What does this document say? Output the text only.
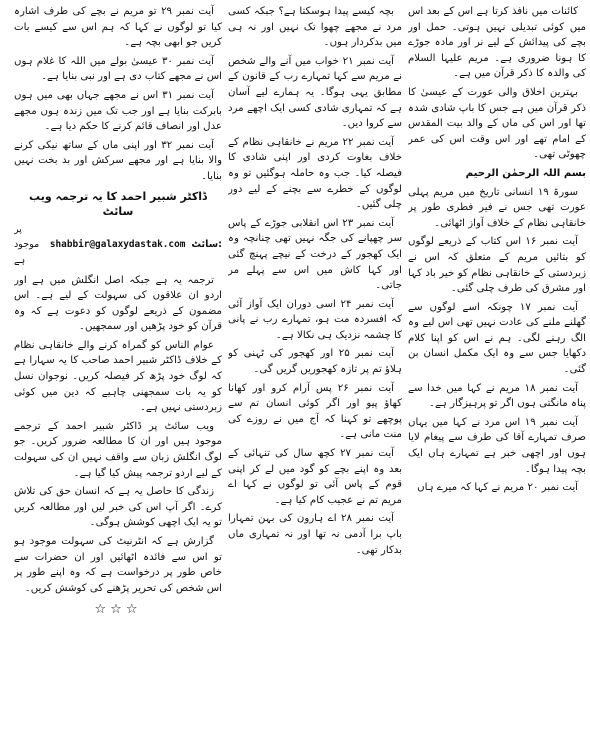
کائنات میں نافذ کرتا ہے اس کے بعد اس میں کوئی تبدیلی نہیں ہوتی۔ حمل اور بچے کی پیدائش کے لیے نر اور مادہ جوڑے کا ہونا ضروری ہے۔ مریم علیہا السلام کی والدہ کا ذکر قرآن میں ہے۔

بہترین اخلاق والی عورت کے عیسیٰ کا ذکر قرآن میں ہے جس کا باپ شادی شدہ تھا اور اس کی ماں کے والد بیت المقدس کے امام تھے اور اس وقت اس کی عمر چھوٹی تھی۔

بسم اللہ الرحمٰن الرحیم

سورۃ ۱۹ انسانی تاریخ میں مریم پہلی عورت تھی جس نے فیر فطری طور پر خانقاہی نظام کے خلاف آواز اٹھائی۔

آیت نمبر ۱۶ اس کتاب کے ذریعے لوگوں کو بتائیں مریم کے متعلق کہ اس نے زبردستی کے خانقاہی نظام کو خیر باد کہا اور مشرق کی طرف چلی گئی۔

آیت نمبر ۱۷ چونکہ اسے لوگوں سے گھلنے ملنے کی عادت نہیں تھی اس لیے وہ الگ رہنے لگی۔ ہم نے اس کو اپنا کلام دکھایا جس سے وہ ایک مکمل انسان بن گئی۔

آیت نمبر ۱۸ مریم نے کہا میں خدا سے پناہ مانگتی ہوں اگر تو پرہیزگار ہے۔

آیت نمبر ۱۹ اس مرد نے کہا میں یہاں صرف تمہارے آقا کی طرف سے پیغام لایا ہوں اور اچھی خبر ہے تمہارے ہاں ایک بچہ پیدا ہوگا۔

آیت نمبر ۲۰ مریم نے کہا کہ میرے ہاں

بچہ کیسے پیدا ہوسکتا ہے؟ جبکہ کسی مرد نے مجھے چھوا تک نہیں اور نہ ہی میں بدکردار ہوں۔

آیت نمبر ۲۱ خواب میں آنے والے شخص نے مریم سے کہا تمہارے رب کے قانون کے مطابق یہی ہوگا۔ یہ ہمارے لیے آسان ہے کہ تمہاری شادی کسی ایک اچھے مرد سے کروا دیں۔

آیت نمبر ۲۲ مریم نے خانقاہی نظام کے خلاف بغاوت کردی اور اپنی شادی کا فیصلہ کیا۔ جب وہ حاملہ ہوگئیں تو وہ لوگوں کے خطرے سے بچنے کے لیے دور چلی گئیں۔

آیت نمبر ۲۳ اس انقلابی جوڑے کے پاس سر چھپانے کی جگہ نہیں تھی چنانچہ وہ ایک کھجور کے درخت کے نیچے پہنچ گئی اور کہا کاش میں اس سے پہلے مر جاتی۔

آیت نمبر ۲۴ اسی دوران ایک آواز آئی کہ افسردہ مت ہو، تمہارے رب نے پانی کا چشمہ نزدیک ہی نکالا ہے۔

آیت نمبر ۲۵ اور کھجور کی ٹہنی کو ہلاؤ تم پر تازہ کھجوریں گریں گی۔

آیت نمبر ۲۶ پس آرام کرو اور کھانا کھاؤ پیو اور اگر کوئی انسان تم سے پوچھے تو کہنا کہ آج میں نے روزے کی منت مانی ہے۔

آیت نمبر ۲۷ کچھ سال کی تنہائی کے بعد وہ اپنے بچے کو گود میں لے کر اپنی قوم کے پاس آئی تو لوگوں نے کہا اے مریم تم نے عجیب کام کیا ہے۔

آیت نمبر ۲۸ اے ہارون کی بہن تمہارا باپ برا آدمی نہ تھا اور نہ تمہاری ماں بدکار تھی۔

آیت نمبر ۲۹ تو مریم نے بچے کی طرف اشارہ کیا تو لوگوں نے کہا کہ ہم اس سے کیسے بات کریں جو ابھی بچہ ہے۔

آیت نمبر ۳۰ عیسیٰ بولے میں اللہ کا غلام ہوں اس نے مجھے کتاب دی ہے اور نبی بنایا ہے۔

آیت نمبر ۳۱ اس نے مجھے جہاں بھی میں ہوں بابرکت بنایا ہے اور جب تک میں زندہ ہوں مجھے عدل اور انصاف قائم کرنے کا حکم دیا ہے۔

آیت نمبر ۳۲ اور اپنی ماں کے ساتھ نیکی کرنے والا بنایا ہے اور مجھے سرکش اور بد بخت نہیں بنایا۔

ڈاکٹر شبیر احمد کا یہ ترجمہ ویب سائٹ
پر موجود ہے
shabbir@galaxydastak.com سائٹ:

ترجمہ یہ ہے جبکہ اصل انگلش میں ہے اور اردو ان علاقوں کی سہولت کے لیے ہے۔ اس مضمون کے ذریعے لوگوں کو دعوت ہے کہ وہ قرآن کو خود پڑھیں اور سمجھیں۔

عوام الناس کو گمراہ کرنے والے خانقاہی نظام کے خلاف ڈاکٹر شبیر احمد صاحب کا یہ سہارا ہے کہ لوگ خود پڑھ کر فیصلہ کریں۔ نوجوان نسل کو یہ بات سمجھنی چاہیے کہ دین میں کوئی زبردستی نہیں ہے۔

ویب سائٹ پر ڈاکٹر شبیر احمد کے ترجمے موجود ہیں اور ان کا مطالعہ ضرور کریں۔ جو لوگ انگلش زبان سے واقف نہیں ان کی سہولت کے لیے اردو ترجمہ پیش کیا گیا ہے۔

زندگی کا حاصل یہ ہے کہ انسان حق کی تلاش کرے۔ اگر آپ اس کی خبر لیں اور مطالعہ کریں تو یہ ایک اچھی کوشش ہوگی۔

گزارش ہے کہ انٹرنیٹ کی سہولت موجود ہو تو اس سے فائدہ اٹھائیں اور ان حضرات سے خاص طور پر درخواست ہے کہ وہ اپنے طور پر اس شخص کی تحریر پڑھنے کی کوشش کریں۔

☆☆☆
